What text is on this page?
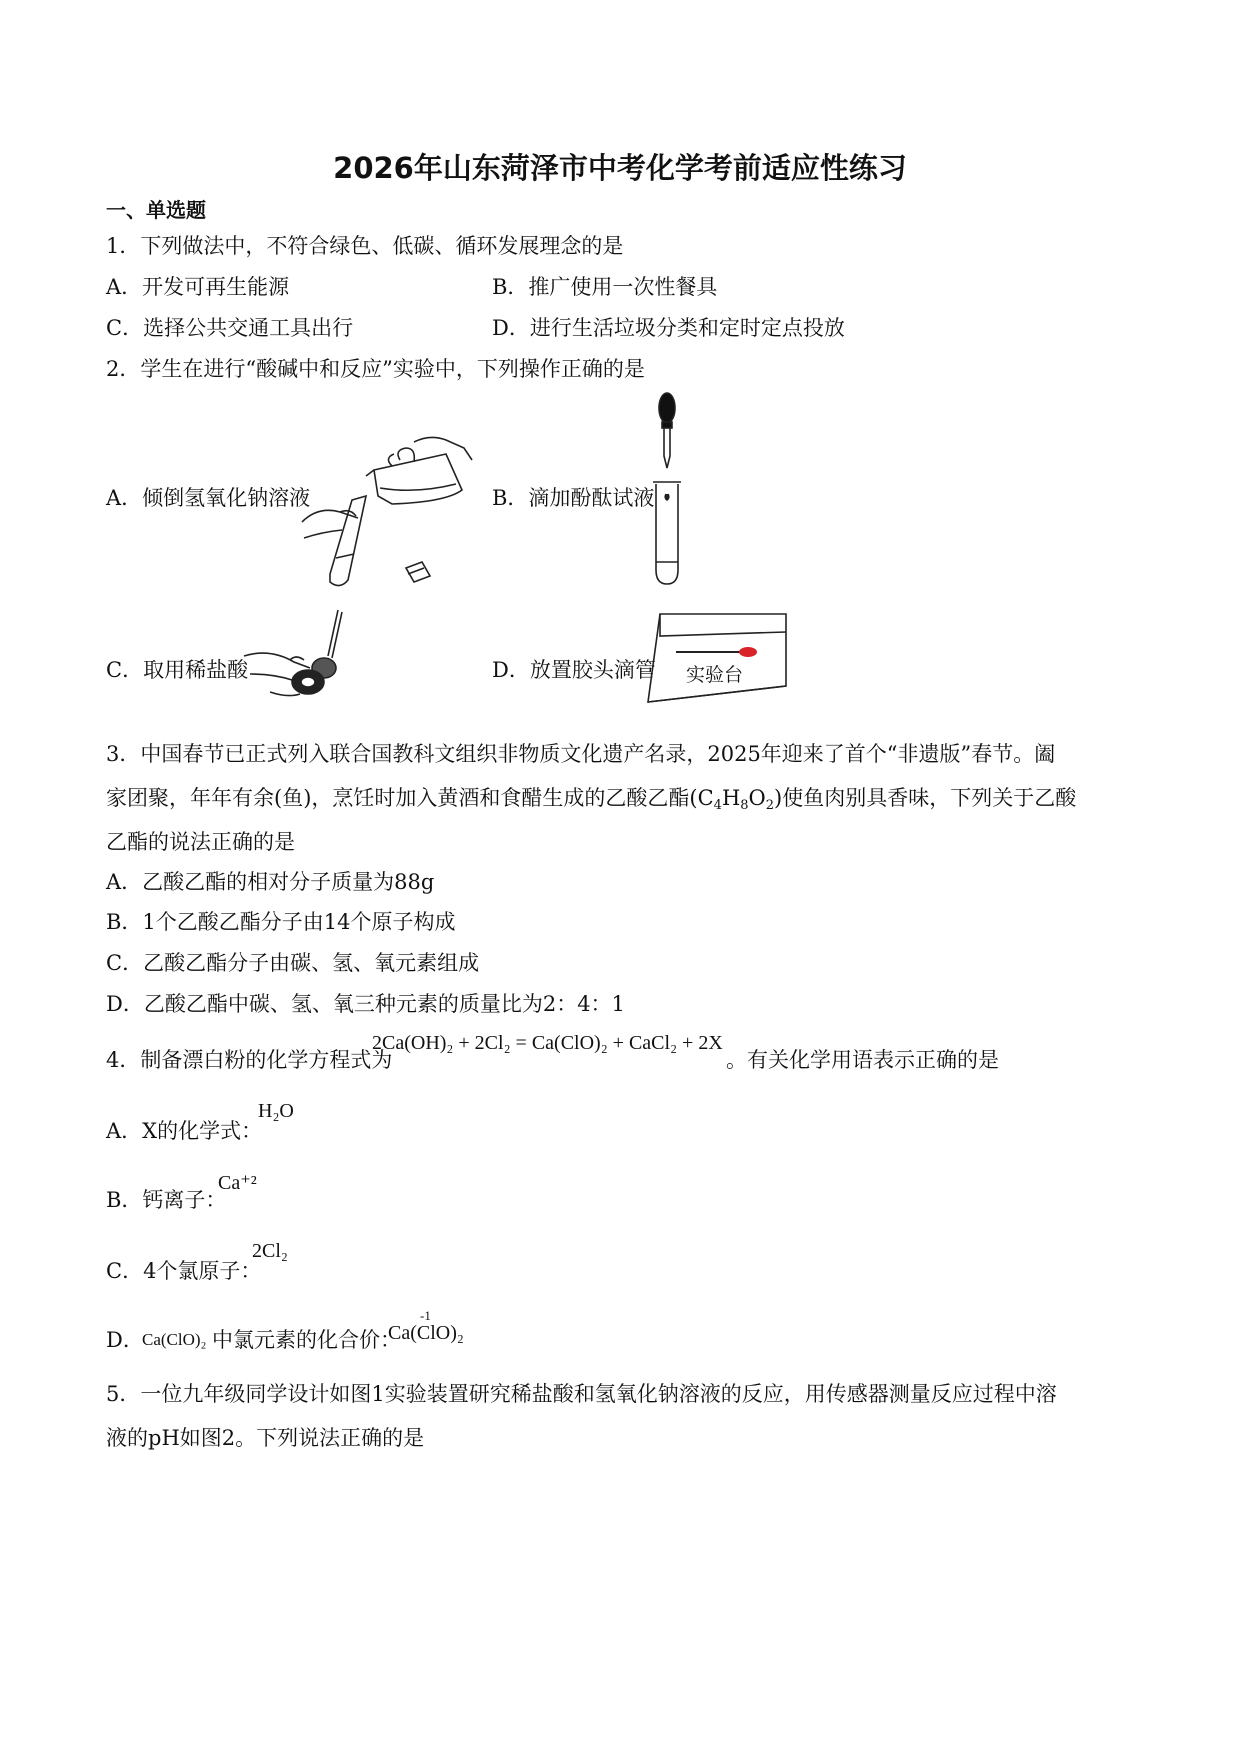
2026年山东菏泽市中考化学考前适应性练习
一、单选题
1．下列做法中，不符合绿色、低碳、循环发展理念的是
A．开发可再生能源	B．推广使用一次性餐具
C．选择公共交通工具出行	D．进行生活垃圾分类和定时定点投放
2．学生在进行“酸碱中和反应”实验中，下列操作正确的是
A．倾倒氢氧化钠溶液	B．滴加酚酞试液
C．取用稀盐酸	D．放置胶头滴管 实验台
3．中国春节已正式列入联合国教科文组织非物质文化遗产名录，2025年迎来了首个“非遗版”春节。阖
家团聚，年年有余(鱼)，烹饪时加入黄酒和食醋生成的乙酸乙酯$(C_4H_8O_2)$使鱼肉别具香味，下列关于乙酸
乙酯的说法正确的是
A．乙酸乙酯的相对分子质量为88g
B．1个乙酸乙酯分子由14个原子构成
C．乙酸乙酯分子由碳、氢、氧元素组成
D．乙酸乙酯中碳、氢、氧三种元素的质量比为2：4：1
4．制备漂白粉的化学方程式为
2Ca(OH)₂ + 2Cl₂ = Ca(ClO)₂ + CaCl₂ + 2X
。有关化学用语表示正确的是
A．X的化学式：
H₂O
B．钙离子：
Ca⁺²
C．4个氯原子：
2Cl₂
D．
Ca(ClO)₂ 中氯元素的化合价：
-1
Ca(ClO)₂
5．一位九年级同学设计如图1实验装置研究稀盐酸和氢氧化钠溶液的反应，用传感器测量反应过程中溶
液的pH如图2。下列说法正确的是
